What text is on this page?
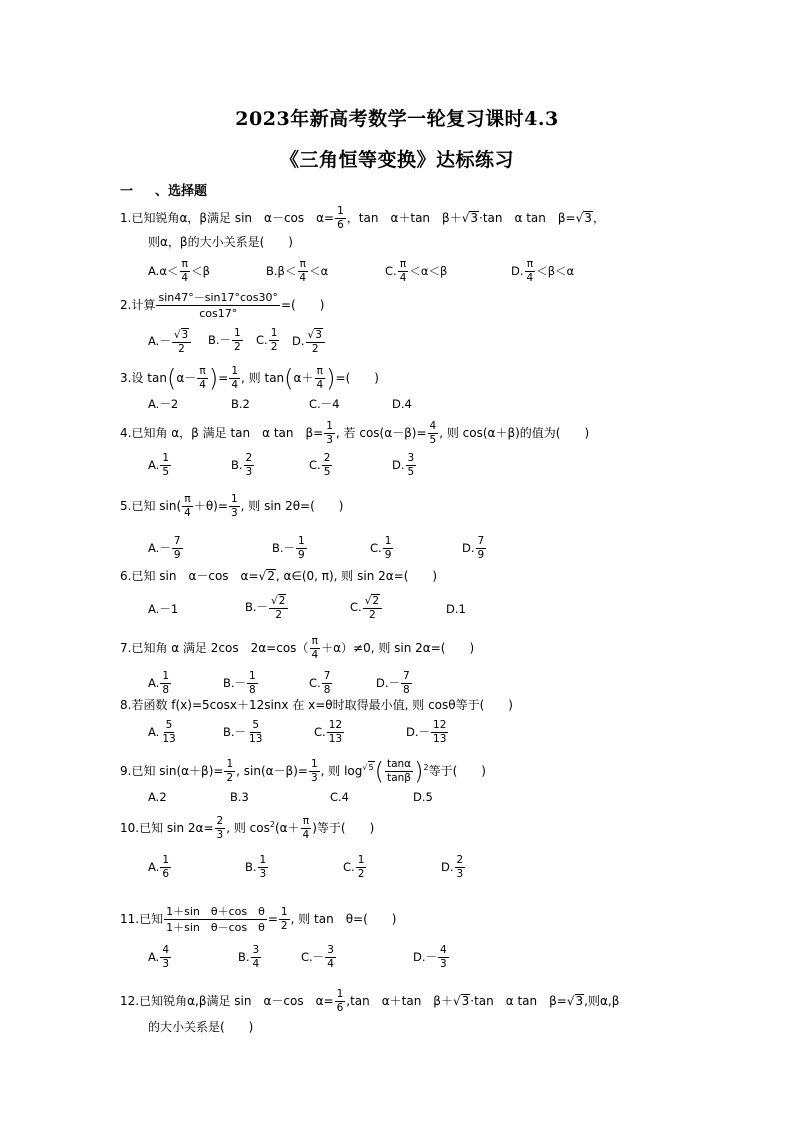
2023年新高考数学一轮复习课时4.3
《三角恒等变换》达标练习
一 、选择题
1.已知锐角α，β满足 sin　α－cos　$\alpha= \frac{1}{6}$ ，tan　α＋tan　β＋√3·tan　α tan　β=√3，
则α，β的大小关系是(　　)
$A.\alpha< \frac{\pi}{4} <\beta$	$B.\beta< \frac{\pi}{4} <\alpha$	C. $\frac{\pi}{4} <\alpha<\beta$	D. $\frac{\pi}{4} <\beta<\alpha$
2.计算 $\frac{\sin 47^\circ-\sin 17^\circ\cos 30^\circ}{\cos 17^\circ}$ =(　　)
$A.- \frac{√3}{2} B.- \frac{1}{2} C$. $\frac{1}{2} D$. $\frac{√3}{2}$
3.设 $\tan(\alpha- \frac{\pi}{4}$ )= $\frac{1}{4}$ , 则 $\tan(\alpha+ \frac{\pi}{4}$ )=(　　)
A.－2	B.2	C.－4	D.4
4.已知角 α，β 满足 tan　α tan　$\beta= \frac{1}{3}$ , 若 $\cos(\alpha-\beta)= \frac{4}{5}$ , 则 cos(α＋β)的值为(　　)
A. $\frac{1}{5}$	B. $\frac{2}{3}$	C. $\frac{2}{5}$	D. $\frac{3}{5}$
5.已知 $\sin( \frac{\pi}{4} +\theta)= \frac{1}{3}$ , 则 sin 2θ=(　　)
$A.- \frac{7}{9}$	$B.- \frac{1}{9}$	C. $\frac{1}{9}$	D. $\frac{7}{9}$
6.已知 sin　α－cos　α=√2, α∈(0, π), 则 sin 2α=(　　)
A.－1	$B.- \frac{√2}{2}$	C. $\frac{√2}{2}$	D.1
7.已知角 α 满足 2cos　$2\alpha=\cos( \frac{\pi}{4} +\alpha)\ne 0$, 则 sin 2α=(　　)
A. $\frac{1}{8}$	$B.- \frac{1}{8}$	C. $\frac{7}{8}$	$D.- \frac{7}{8}$
8.若函数 f(x)=5cosx＋12sinx 在 x=θ时取得最小值, 则 cosθ等于(　　)
A. $\frac{5}{13}$	$B.- \frac{5}{13}$	C. $\frac{12}{13}$	$D.- \frac{12}{13}$
9.已知 $\sin(\alpha+\beta)= \frac{1}{2}$ , $\sin(\alpha-\beta)= \frac{1}{3}$ , 则 $\log^{√5}( \frac{\tan\alpha}{\tan\beta} )^2$等于(　　)
A.2	B.3	C.4	D.5
10.已知 $\sin 2\alpha= \frac{2}{3}$ , 则 $\cos^2(\alpha+ \frac{\pi}{4}$ )等于(　　)
A. $\frac{1}{6}$	B. $\frac{1}{3}$	C. $\frac{1}{2}$	D. $\frac{2}{3}$
11.已知 $\frac{\text{1＋sin　θ＋cos　θ}}{\text{1＋sin　θ－cos　θ}} = \frac{1}{2}$ , 则 tan　θ=(　　)
A. $\frac{4}{3}$	B. $\frac{3}{4}$	$C.- \frac{3}{4}$	$D.- \frac{4}{3}$
12.已知锐角α,β满足 sin　α－cos　$\alpha= \frac{1}{6} ,\tan$　α＋tan　β＋√3·tan　α tan　β=√3,则α,β
的大小关系是(　　)
